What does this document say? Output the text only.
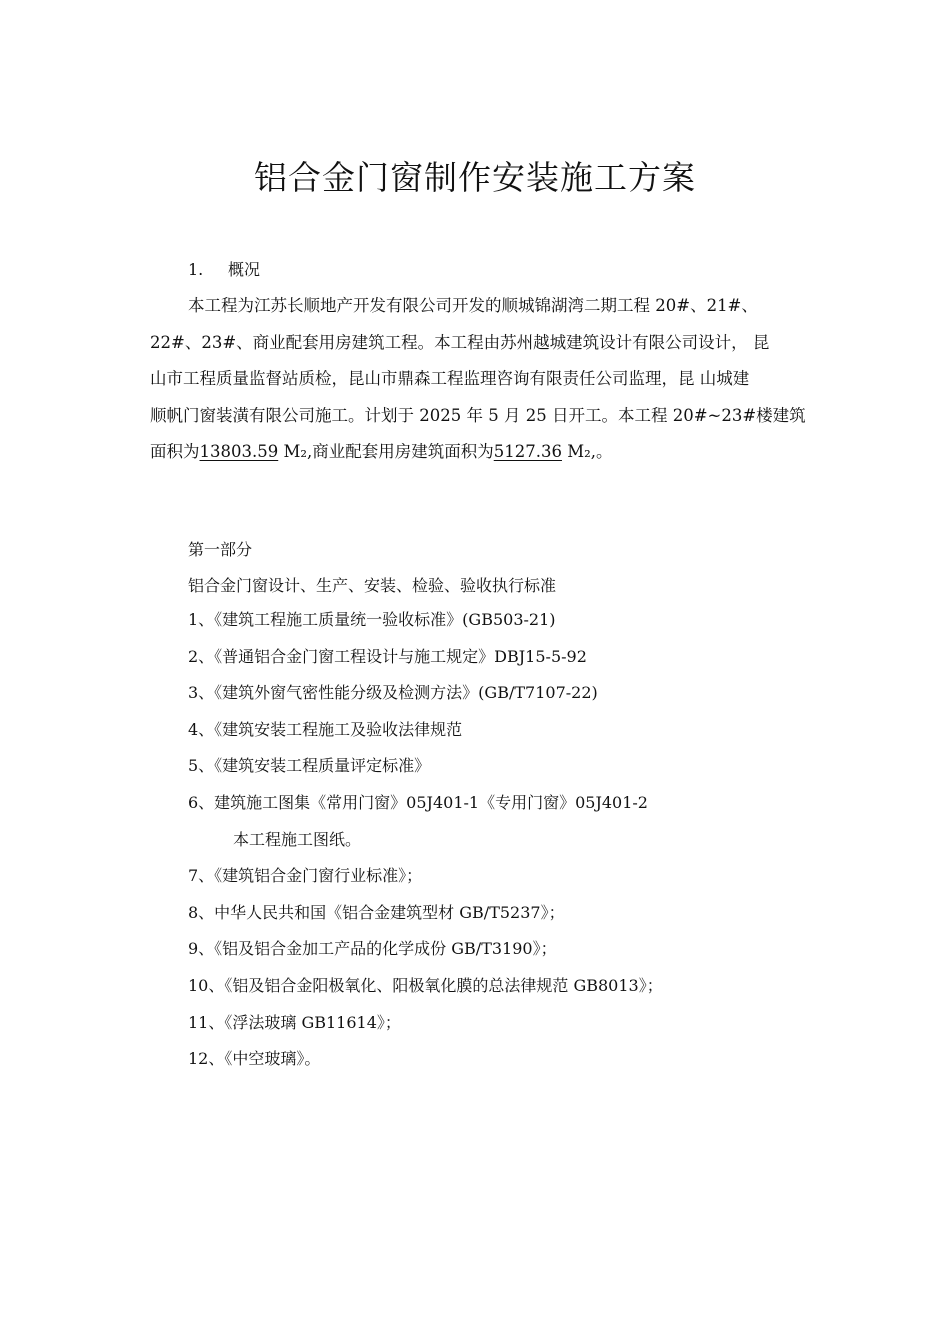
铝合金门窗制作安装施工方案
1. 概况
本工程为江苏长顺地产开发有限公司开发的顺城锦湖湾二期工程 20#、21#、
22#、23#、商业配套用房建筑工程。本工程由苏州越城建筑设计有限公司设计， 昆
山市工程质量监督站质检，昆山市鼎森工程监理咨询有限责任公司监理，昆 山城建
顺帆门窗装潢有限公司施工。计划于 2025 年 5 月 25 日开工。本工程 20#~23#楼建筑
面积为13803.59 M₂,商业配套用房建筑面积为5127.36 M₂,。
第一部分
铝合金门窗设计、生产、安装、检验、验收执行标准
1、《建筑工程施工质量统一验收标准》(GB503-21)
2、《普通铝合金门窗工程设计与施工规定》DBJ15-5-92
3、《建筑外窗气密性能分级及检测方法》(GB/T7107-22)
4、《建筑安装工程施工及验收法律规范
5、《建筑安装工程质量评定标准》
6、建筑施工图集《常用门窗》05J401-1《专用门窗》05J401-2
本工程施工图纸。
7、《建筑铝合金门窗行业标准》；
8、中华人民共和国《铝合金建筑型材 GB/T5237》；
9、《铝及铝合金加工产品的化学成份 GB/T3190》；
10、《铝及铝合金阳极氧化、阳极氧化膜的总法律规范 GB8013》；
11、《浮法玻璃 GB11614》；
12、《中空玻璃》。
